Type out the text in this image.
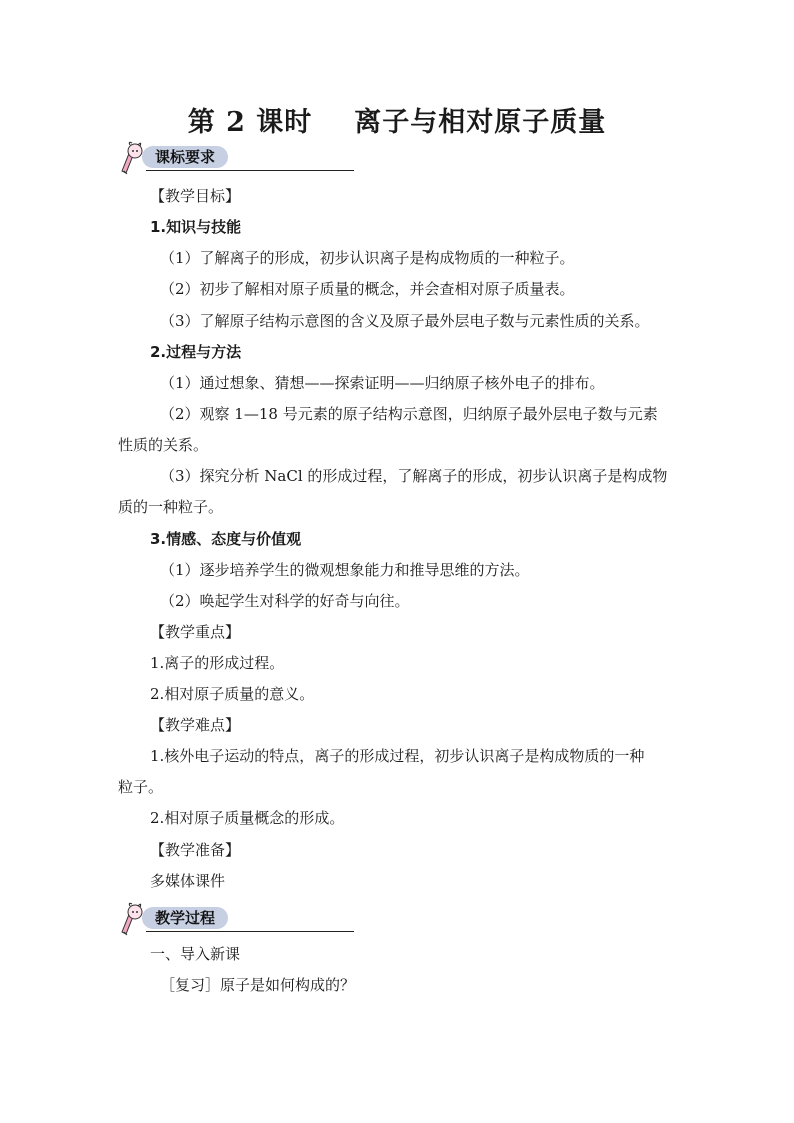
第 2 课时 离子与相对原子质量
课标要求
【教学目标】
1.知识与技能
（1）了解离子的形成，初步认识离子是构成物质的一种粒子。
（2）初步了解相对原子质量的概念，并会查相对原子质量表。
（3）了解原子结构示意图的含义及原子最外层电子数与元素性质的关系。
2.过程与方法
（1）通过想象、猜想——探索证明——归纳原子核外电子的排布。
（2）观察 1—18 号元素的原子结构示意图，归纳原子最外层电子数与元素
性质的关系。
（3）探究分析 NaCl 的形成过程，了解离子的形成，初步认识离子是构成物
质的一种粒子。
3.情感、态度与价值观
（1）逐步培养学生的微观想象能力和推导思维的方法。
（2）唤起学生对科学的好奇与向往。
【教学重点】
1.离子的形成过程。
2.相对原子质量的意义。
【教学难点】
1.核外电子运动的特点，离子的形成过程，初步认识离子是构成物质的一种
粒子。
2.相对原子质量概念的形成。
【教学准备】
多媒体课件
教学过程
一、导入新课
［复习］原子是如何构成的？
